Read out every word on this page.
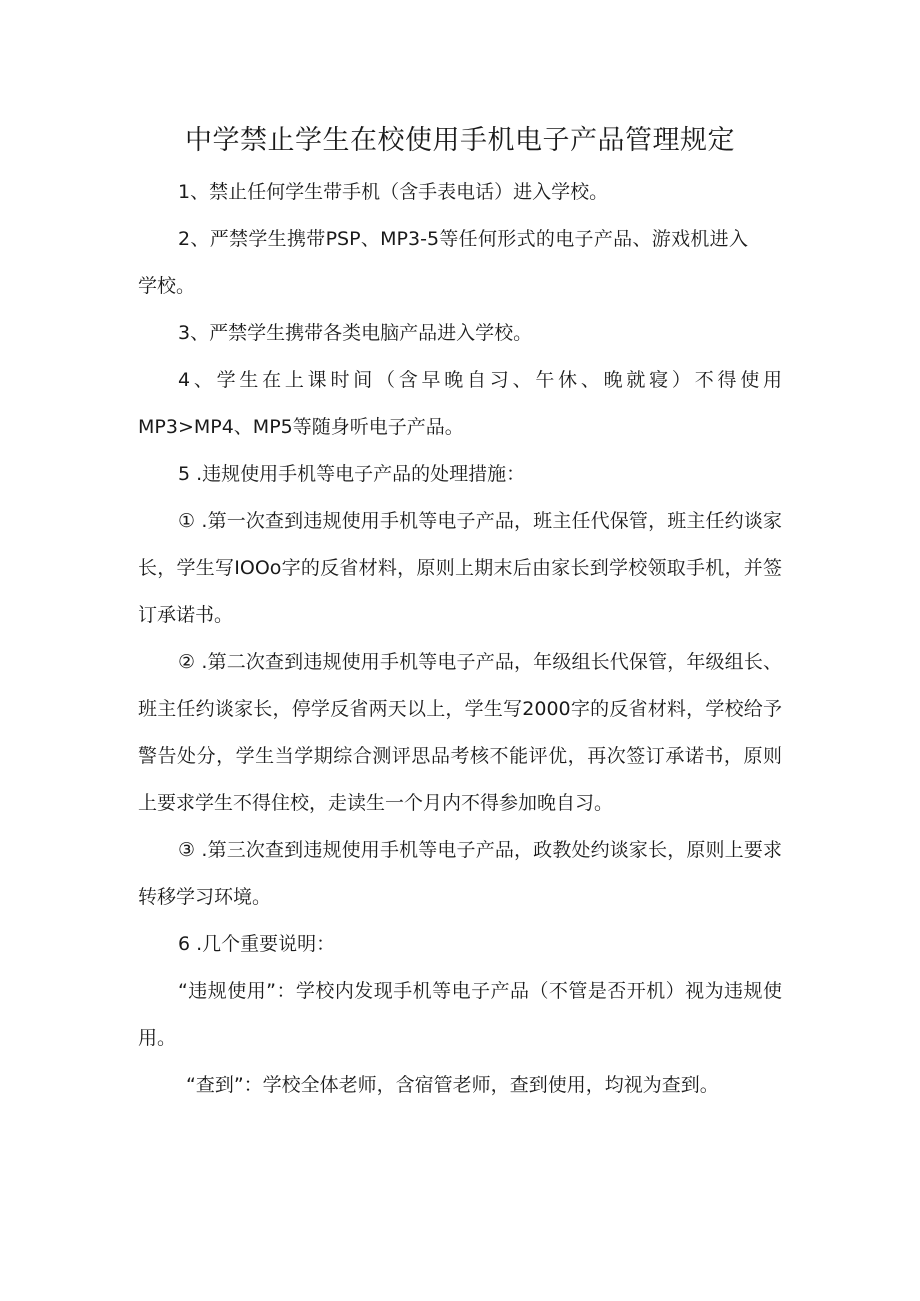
中学禁止学生在校使用手机电子产品管理规定

1、禁止任何学生带手机（含手表电话）进入学校。

2、严禁学生携带PSP、MP3-5等任何形式的电子产品、游戏机进入学校。

3、严禁学生携带各类电脑产品进入学校。

4、学生在上课时间（含早晚自习、午休、晚就寝）不得使用MP3>MP4、MP5等随身听电子产品。

5 .违规使用手机等电子产品的处理措施：

① .第一次查到违规使用手机等电子产品，班主任代保管，班主任约谈家长，学生写IOOo字的反省材料，原则上期末后由家长到学校领取手机，并签订承诺书。

② .第二次查到违规使用手机等电子产品，年级组长代保管，年级组长、班主任约谈家长，停学反省两天以上，学生写2000字的反省材料，学校给予警告处分，学生当学期综合测评思品考核不能评优，再次签订承诺书，原则上要求学生不得住校，走读生一个月内不得参加晚自习。

③ .第三次查到违规使用手机等电子产品，政教处约谈家长，原则上要求转移学习环境。

6 .几个重要说明：

“违规使用”：学校内发现手机等电子产品（不管是否开机）视为违规使用。

“查到”：学校全体老师，含宿管老师，查到使用，均视为查到。
